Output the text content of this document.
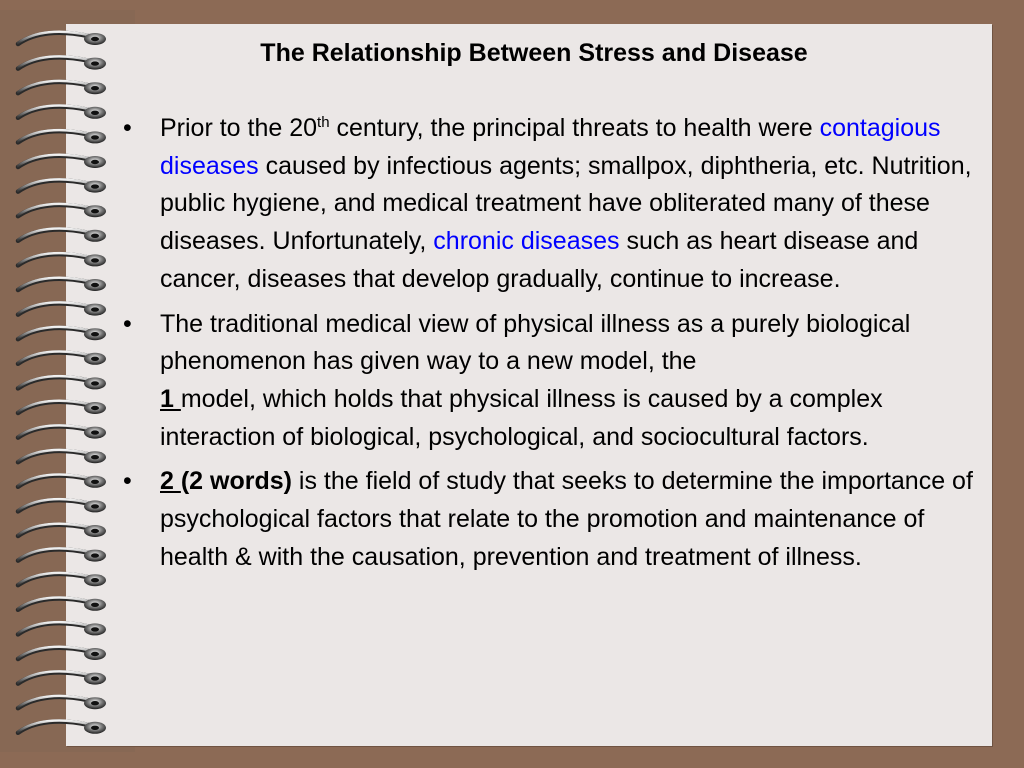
The Relationship Between Stress and Disease
• Prior to the 20th century, the principal threats to health were contagious diseases caused by infectious agents; smallpox, diphtheria, etc. Nutrition, public hygiene, and medical treatment have obliterated many of these diseases. Unfortunately, chronic diseases such as heart disease and cancer, diseases that develop gradually, continue to increase.
• The traditional medical view of physical illness as a purely biological phenomenon has given way to a new model, the
1 model, which holds that physical illness is caused by a complex interaction of biological, psychological, and sociocultural factors.
• 2 (2 words) is the field of study that seeks to determine the importance of psychological factors that relate to the promotion and maintenance of health & with the causation, prevention and treatment of illness.
